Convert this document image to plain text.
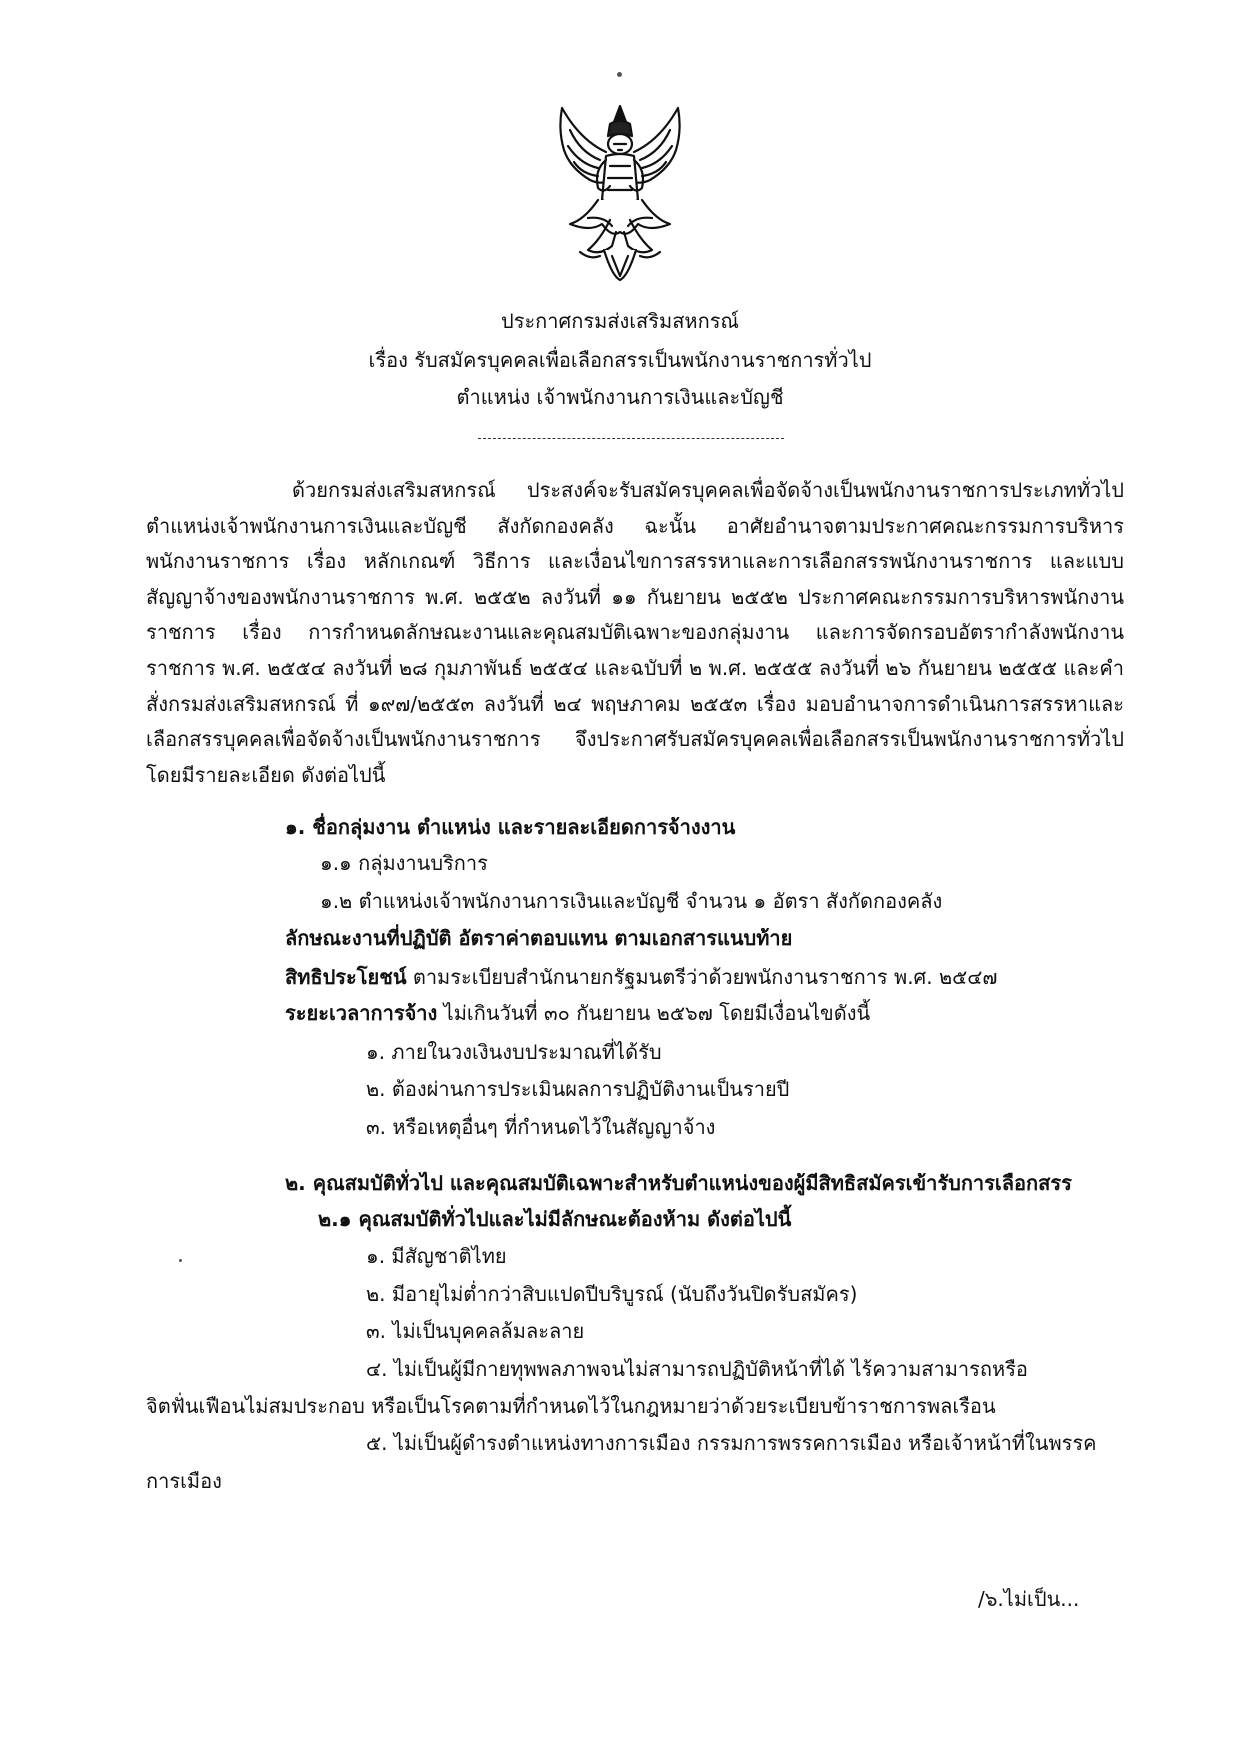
ประกาศกรมส่งเสริมสหกรณ์
เรื่อง รับสมัครบุคคลเพื่อเลือกสรรเป็นพนักงานราชการทั่วไป
ตำแหน่ง เจ้าพนักงานการเงินและบัญชี
ด้วยกรมส่งเสริมสหกรณ์ ประสงค์จะรับสมัครบุคคลเพื่อจัดจ้างเป็นพนักงานราชการประเภททั่วไป ตำแหน่งเจ้าพนักงานการเงินและบัญชี สังกัดกองคลัง ฉะนั้น อาศัยอำนาจตามประกาศคณะกรรมการบริหารพนักงานราชการ เรื่อง หลักเกณฑ์ วิธีการ และเงื่อนไขการสรรหาและการเลือกสรรพนักงานราชการ และแบบสัญญาจ้างของพนักงานราชการ พ.ศ. ๒๕๕๒ ลงวันที่ ๑๑ กันยายน ๒๕๕๒ ประกาศคณะกรรมการบริหารพนักงานราชการ เรื่อง การกำหนดลักษณะงานและคุณสมบัติเฉพาะของกลุ่มงาน และการจัดกรอบอัตรากำลังพนักงานราชการ พ.ศ. ๒๕๕๔ ลงวันที่ ๒๘ กุมภาพันธ์ ๒๕๕๔ และฉบับที่ ๒ พ.ศ. ๒๕๕๕ ลงวันที่ ๒๖ กันยายน ๒๕๕๕ และคำสั่งกรมส่งเสริมสหกรณ์ ที่ ๑๙๗/๒๕๕๓ ลงวันที่ ๒๔ พฤษภาคม ๒๕๕๓ เรื่อง มอบอำนาจการดำเนินการสรรหาและเลือกสรรบุคคลเพื่อจัดจ้างเป็นพนักงานราชการ จึงประกาศรับสมัครบุคคลเพื่อเลือกสรรเป็นพนักงานราชการทั่วไป โดยมีรายละเอียด ดังต่อไปนี้
๑. ชื่อกลุ่มงาน ตำแหน่ง และรายละเอียดการจ้างงาน
๑.๑ กลุ่มงานบริการ
๑.๒ ตำแหน่งเจ้าพนักงานการเงินและบัญชี จำนวน ๑ อัตรา สังกัดกองคลัง
ลักษณะงานที่ปฏิบัติ อัตราค่าตอบแทน ตามเอกสารแนบท้าย
สิทธิประโยชน์ ตามระเบียบสำนักนายกรัฐมนตรีว่าด้วยพนักงานราชการ พ.ศ. ๒๕๔๗
ระยะเวลาการจ้าง ไม่เกินวันที่ ๓๐ กันยายน ๒๕๖๗ โดยมีเงื่อนไขดังนี้
๑. ภายในวงเงินงบประมาณที่ได้รับ
๒. ต้องผ่านการประเมินผลการปฏิบัติงานเป็นรายปี
๓. หรือเหตุอื่นๆ ที่กำหนดไว้ในสัญญาจ้าง
๒. คุณสมบัติทั่วไป และคุณสมบัติเฉพาะสำหรับตำแหน่งของผู้มีสิทธิสมัครเข้ารับการเลือกสรร
๒.๑ คุณสมบัติทั่วไปและไม่มีลักษณะต้องห้าม ดังต่อไปนี้
๑. มีสัญชาติไทย
๒. มีอายุไม่ต่ำกว่าสิบแปดปีบริบูรณ์ (นับถึงวันปิดรับสมัคร)
๓. ไม่เป็นบุคคลล้มละลาย
๔. ไม่เป็นผู้มีกายทุพพลภาพจนไม่สามารถปฏิบัติหน้าที่ได้ ไร้ความสามารถหรือ
จิตฟั่นเฟือนไม่สมประกอบ หรือเป็นโรคตามที่กำหนดไว้ในกฎหมายว่าด้วยระเบียบข้าราชการพลเรือน
๕. ไม่เป็นผู้ดำรงตำแหน่งทางการเมือง กรรมการพรรคการเมือง หรือเจ้าหน้าที่ในพรรค
การเมือง
/๖.ไม่เป็น...
